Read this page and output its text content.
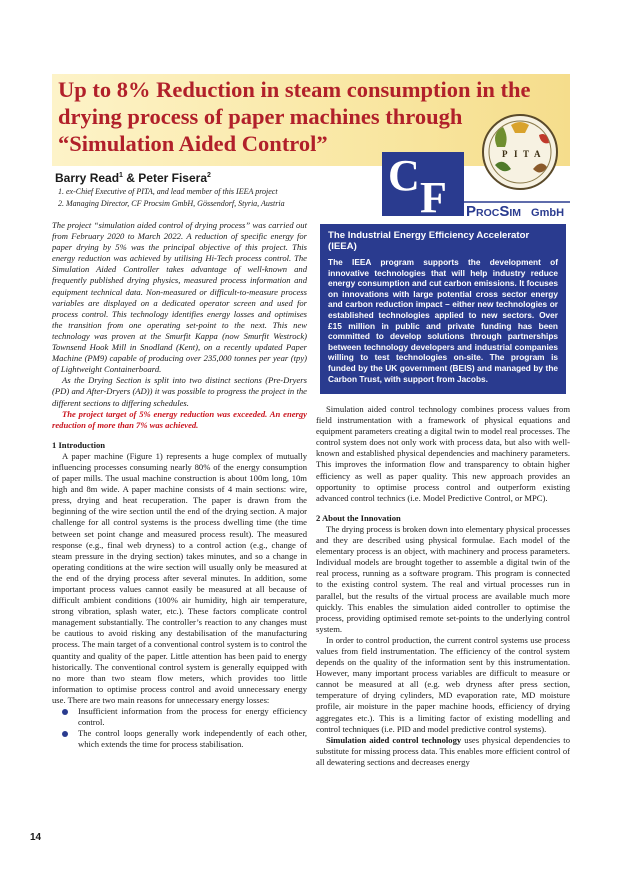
Up to 8% Reduction in steam consumption in the drying process of paper machines through “Simulation Aided Control”	P I T A

Barry Read$^1$ & Peter Fisera$^2$

1. ex-Chief Executive of PITA, and lead member of this IEEA project

2. Managing Director, CF Procsim GmbH, Gössendorf, Styria, Austria

C F PROCSIM GmbH

The project “simulation aided control of drying process” was carried out from February 2020 to March 2022. A reduction of specific energy for paper drying by 5% was the principal objective of this project. This energy reduction was achieved by utilising Hi-Tech process control. The Simulation Aided Controller takes advantage of well-known and frequently published drying physics, measured process information and equipment technical data. Non-measured or difficult-to-measure process variables are displayed on a dedicated operator screen and used for process control. This technology identifies energy losses and optimises the transition from one operating set-point to the next. This new technology was proven at the Smurfit Kappa (now Smurfit Westrock) Townsend Hook Mill in Snodland (Kent), on a recently updated Paper Machine (PM9) capable of producing over 235,000 tonnes per year (tpy) of Lightweight Containerboard.

As the Drying Section is split into two distinct sections (Pre-Dryers (PD) and After-Dryers (AD)) it was possible to progress the project in the different sections to differing schedules.

The project target of 5% energy reduction was exceeded. An energy reduction of more than 7% was achieved.

1 Introduction

A paper machine (Figure 1) represents a huge complex of mutually influencing processes consuming nearly 80% of the energy consumption of paper mills. The usual machine construction is about 100m long, 10m high and 8m wide. A paper machine consists of 4 main sections: wire, press, drying and heat recuperation. The paper is drawn from the beginning of the wire section until the end of the drying section. A major challenge for all control systems is the process dwelling time (the time between set point change and measured process result). The measured response (e.g., final web dryness) to a control action (e.g., change of steam pressure in the drying section) takes minutes, and so a change in operating conditions at the wire section will usually only be measured at the end of the drying process after several minutes. In addition, some important process values cannot easily be measured at all because of difficult ambient conditions (100% air humidity, high air temperature, strong vibration, splash water, etc.). These factors complicate control management substantially. The controller’s reaction to any changes must be cautious to avoid risking any destabilisation of the manufacturing process. The main target of a conventional control system is to control the quantity and quality of the paper. Little attention has been paid to energy historically. The conventional control system is generally equipped with no more than two steam flow meters, which provides too little information to optimise process control and avoid unnecessary energy use. There are two main reasons for unnecessary energy losses:

Insufficient information from the process for energy efficiency control.
The control loops generally work independently of each other, which extends the time for process stabilisation.

The Industrial Energy Efficiency Accelerator (IEEA)

The IEEA program supports the development of innovative technologies that will help industry reduce energy consumption and cut carbon emissions. It focuses on innovations with large potential cross sector energy and carbon reduction impact – either new technologies or established technologies applied to new sectors. Over £15 million in public and private funding has been committed to develop solutions through partnerships between technology developers and industrial companies willing to test technologies on-site. The program is funded by the UK government (BEIS) and managed by the Carbon Trust, with support from Jacobs.

Simulation aided control technology combines process values from field instrumentation with a framework of physical equations and equipment parameters creating a digital twin to model real processes. The control system does not only work with process data, but also with well-known and established physical dependencies and machinery parameters. This improves the information flow and transparency to obtain higher efficiency as well as paper quality. This new approach provides an opportunity to optimise process control and outperform existing advanced control technics (i.e. Model Predictive Control, or MPC).

2 About the Innovation

The drying process is broken down into elementary physical processes and they are described using physical formulae. Each model of the elementary process is an object, with machinery and process parameters. Individual models are brought together to assemble a digital twin of the real process, running as a software program. This program is connected to the existing control system. The real and virtual processes run in parallel, but the results of the virtual process are available much more quickly. This enables the simulation aided controller to optimise the process, providing optimised remote set-points to the underlying control system.

In order to control production, the current control systems use process values from field instrumentation. The efficiency of the control system depends on the quality of the information sent by this instrumentation. However, many important process variables are difficult to measure or cannot be measured at all (e.g. web dryness after press section, temperature of drying cylinders, MD evaporation rate, MD moisture profile, air moisture in the paper machine hoods, efficiency of drying aggregates etc.). This is a limiting factor of existing modelling and control techniques (i.e. PID and model predictive control systems).

Simulation aided control technology uses physical dependencies to substitute for missing process data. This enables more efficient control of all dewatering sections and decreases energy

14
